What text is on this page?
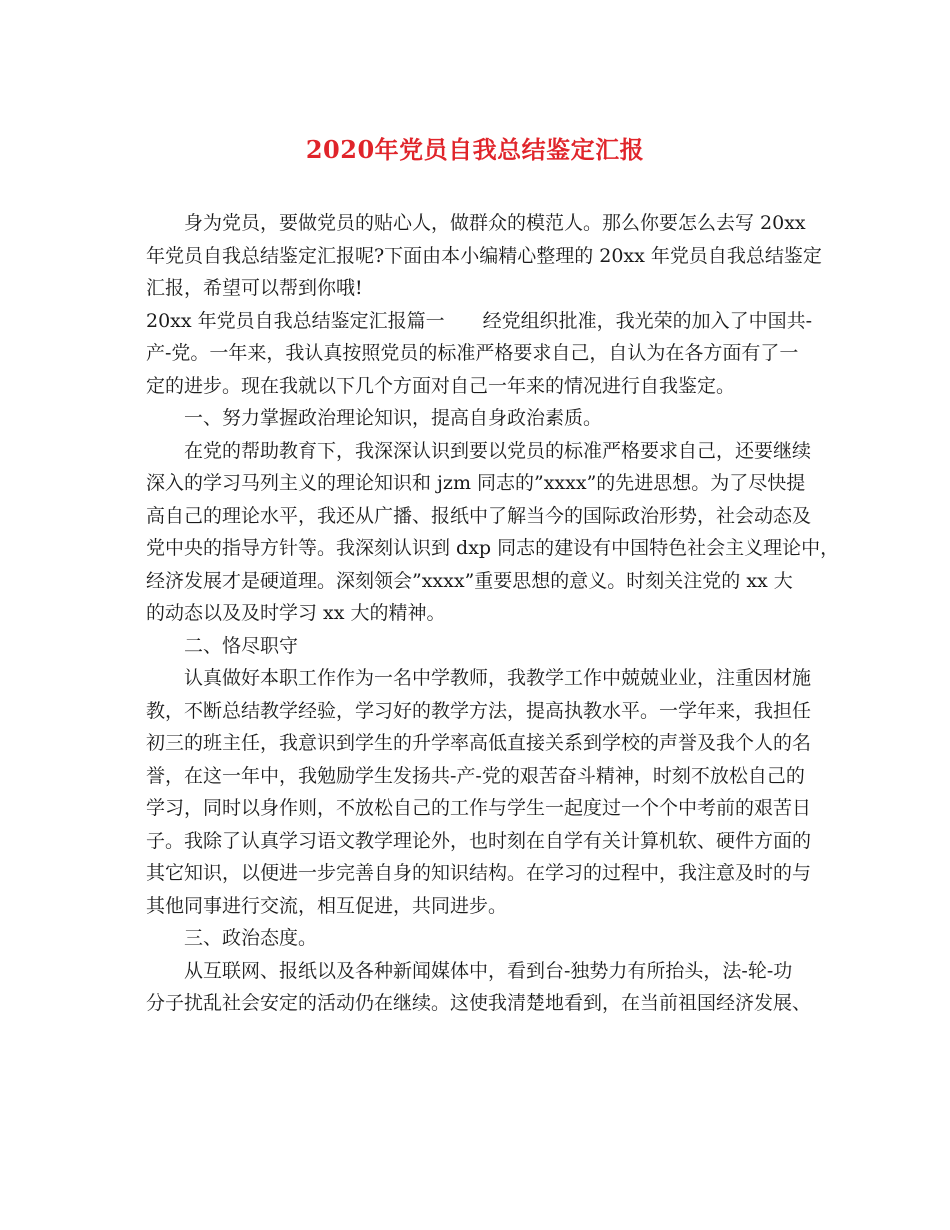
2020年党员自我总结鉴定汇报
身为党员，要做党员的贴心人，做群众的模范人。那么你要怎么去写 20xx
年党员自我总结鉴定汇报呢?下面由本小编精心整理的 20xx 年党员自我总结鉴定
汇报，希望可以帮到你哦!
20xx 年党员自我总结鉴定汇报篇一　　经党组织批准，我光荣的加入了中国共-
产-党。一年来，我认真按照党员的标准严格要求自己，自认为在各方面有了一
定的进步。现在我就以下几个方面对自己一年来的情况进行自我鉴定。
一、努力掌握政治理论知识，提高自身政治素质。
在党的帮助教育下，我深深认识到要以党员的标准严格要求自己，还要继续
深入的学习马列主义的理论知识和 jzm 同志的”xxxx”的先进思想。为了尽快提
高自己的理论水平，我还从广播、报纸中了解当今的国际政治形势，社会动态及
党中央的指导方针等。我深刻认识到 dxp 同志的建设有中国特色社会主义理论中，
经济发展才是硬道理。深刻领会”xxxx”重要思想的意义。时刻关注党的 xx 大
的动态以及及时学习 xx 大的精神。
二、恪尽职守
认真做好本职工作作为一名中学教师，我教学工作中兢兢业业，注重因材施
教，不断总结教学经验，学习好的教学方法，提高执教水平。一学年来，我担任
初三的班主任，我意识到学生的升学率高低直接关系到学校的声誉及我个人的名
誉，在这一年中，我勉励学生发扬共-产-党的艰苦奋斗精神，时刻不放松自己的
学习，同时以身作则，不放松自己的工作与学生一起度过一个个中考前的艰苦日
子。我除了认真学习语文教学理论外，也时刻在自学有关计算机软、硬件方面的
其它知识，以便进一步完善自身的知识结构。在学习的过程中，我注意及时的与
其他同事进行交流，相互促进，共同进步。
三、政治态度。
从互联网、报纸以及各种新闻媒体中，看到台-独势力有所抬头，法-轮-功
分子扰乱社会安定的活动仍在继续。这使我清楚地看到，在当前祖国经济发展、
